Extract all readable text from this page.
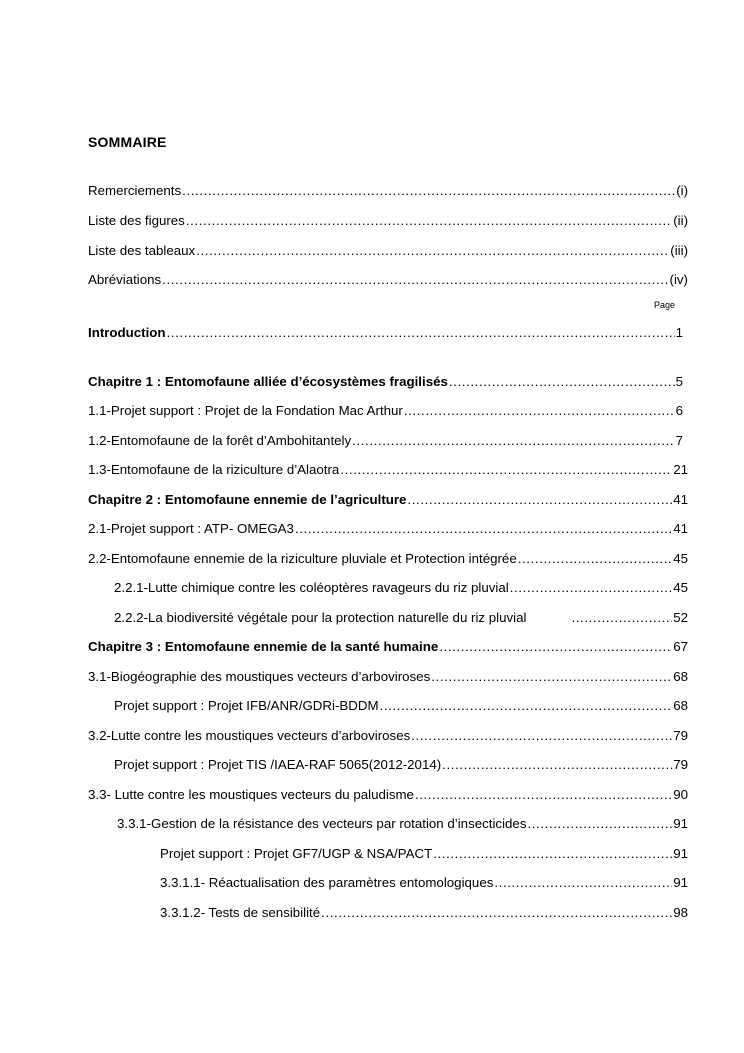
SOMMAIRE
Remerciements .....	(i)
Liste des figures .....	(ii)
Liste des tableaux .....	(iii)
Abréviations .....	(iv)
Page
Introduction .....	1
Chapitre 1 : Entomofaune alliée d’écosystèmes fragilisés .....	5
1.1-Projet support : Projet de la Fondation Mac Arthur .....	6
1.2-Entomofaune de la forêt d’Ambohitantely .....	7
1.3-Entomofaune de la riziculture d’Alaotra .....	21
Chapitre 2 : Entomofaune ennemie de l’agriculture .....	41
2.1-Projet support : ATP- OMEGA3 .....	41
2.2-Entomofaune ennemie de la riziculture pluviale et Protection intégrée .....	45
2.2.1-Lutte chimique contre les coléoptères ravageurs du riz pluvial .....	45
2.2.2-La biodiversité végétale pour la protection naturelle du riz pluvial .....	52
Chapitre 3 : Entomofaune ennemie de la santé humaine .....	67
3.1-Biogéographie des moustiques vecteurs d’arboviroses .....	68
Projet support : Projet IFB/ANR/GDRi-BDDM .....	68
3.2-Lutte contre les moustiques vecteurs d’arboviroses .....	79
Projet support : Projet TIS /IAEA-RAF 5065(2012-2014) .....	79
3.3- Lutte contre les moustiques vecteurs du paludisme .....	90
3.3.1-Gestion de la résistance des vecteurs par rotation d’insecticides .....	91
Projet support : Projet GF7/UGP & NSA/PACT .....	91
3.3.1.1- Réactualisation des paramètres entomologiques .....	91
3.3.1.2- Tests de sensibilité .....	98
